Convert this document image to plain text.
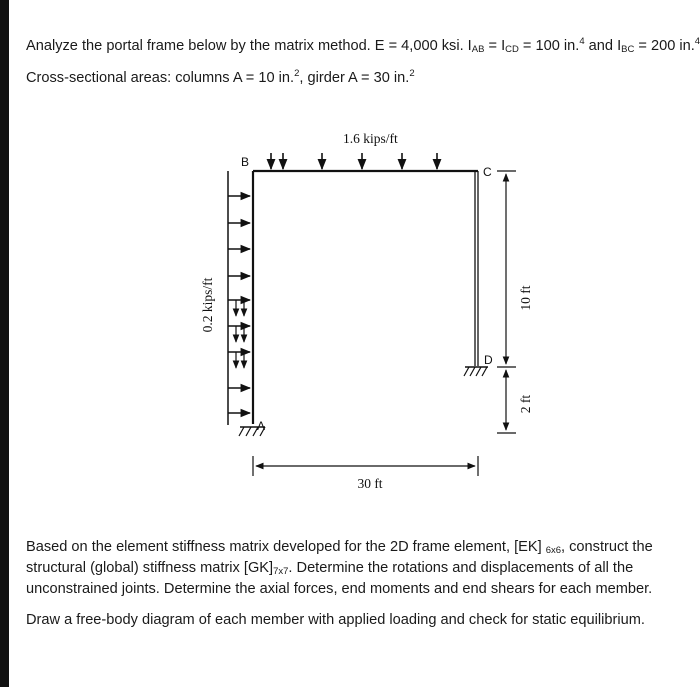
Analyze the portal frame below by the matrix method. E = 4,000 ksi. $I_{AB} = I_{CD} = 100$ in.$^4$ and $I_{BC} = 200$ in.$^4$
Cross-sectional areas: columns A = 10 in.$^2$, girder A = 30 in.$^2$
1.6 kips/ft
0.2 kips/ft
B
C
D
A
30 ft
10 ft
2 ft
Based on the element stiffness matrix developed for the 2D frame element, [EK] $_{6x6}$, construct the
structural (global) stiffness matrix $[GK]_{7x7}$. Determine the rotations and displacements of all the
unconstrained joints. Determine the axial forces, end moments and end shears for each member.
Draw a free-body diagram of each member with applied loading and check for static equilibrium.
